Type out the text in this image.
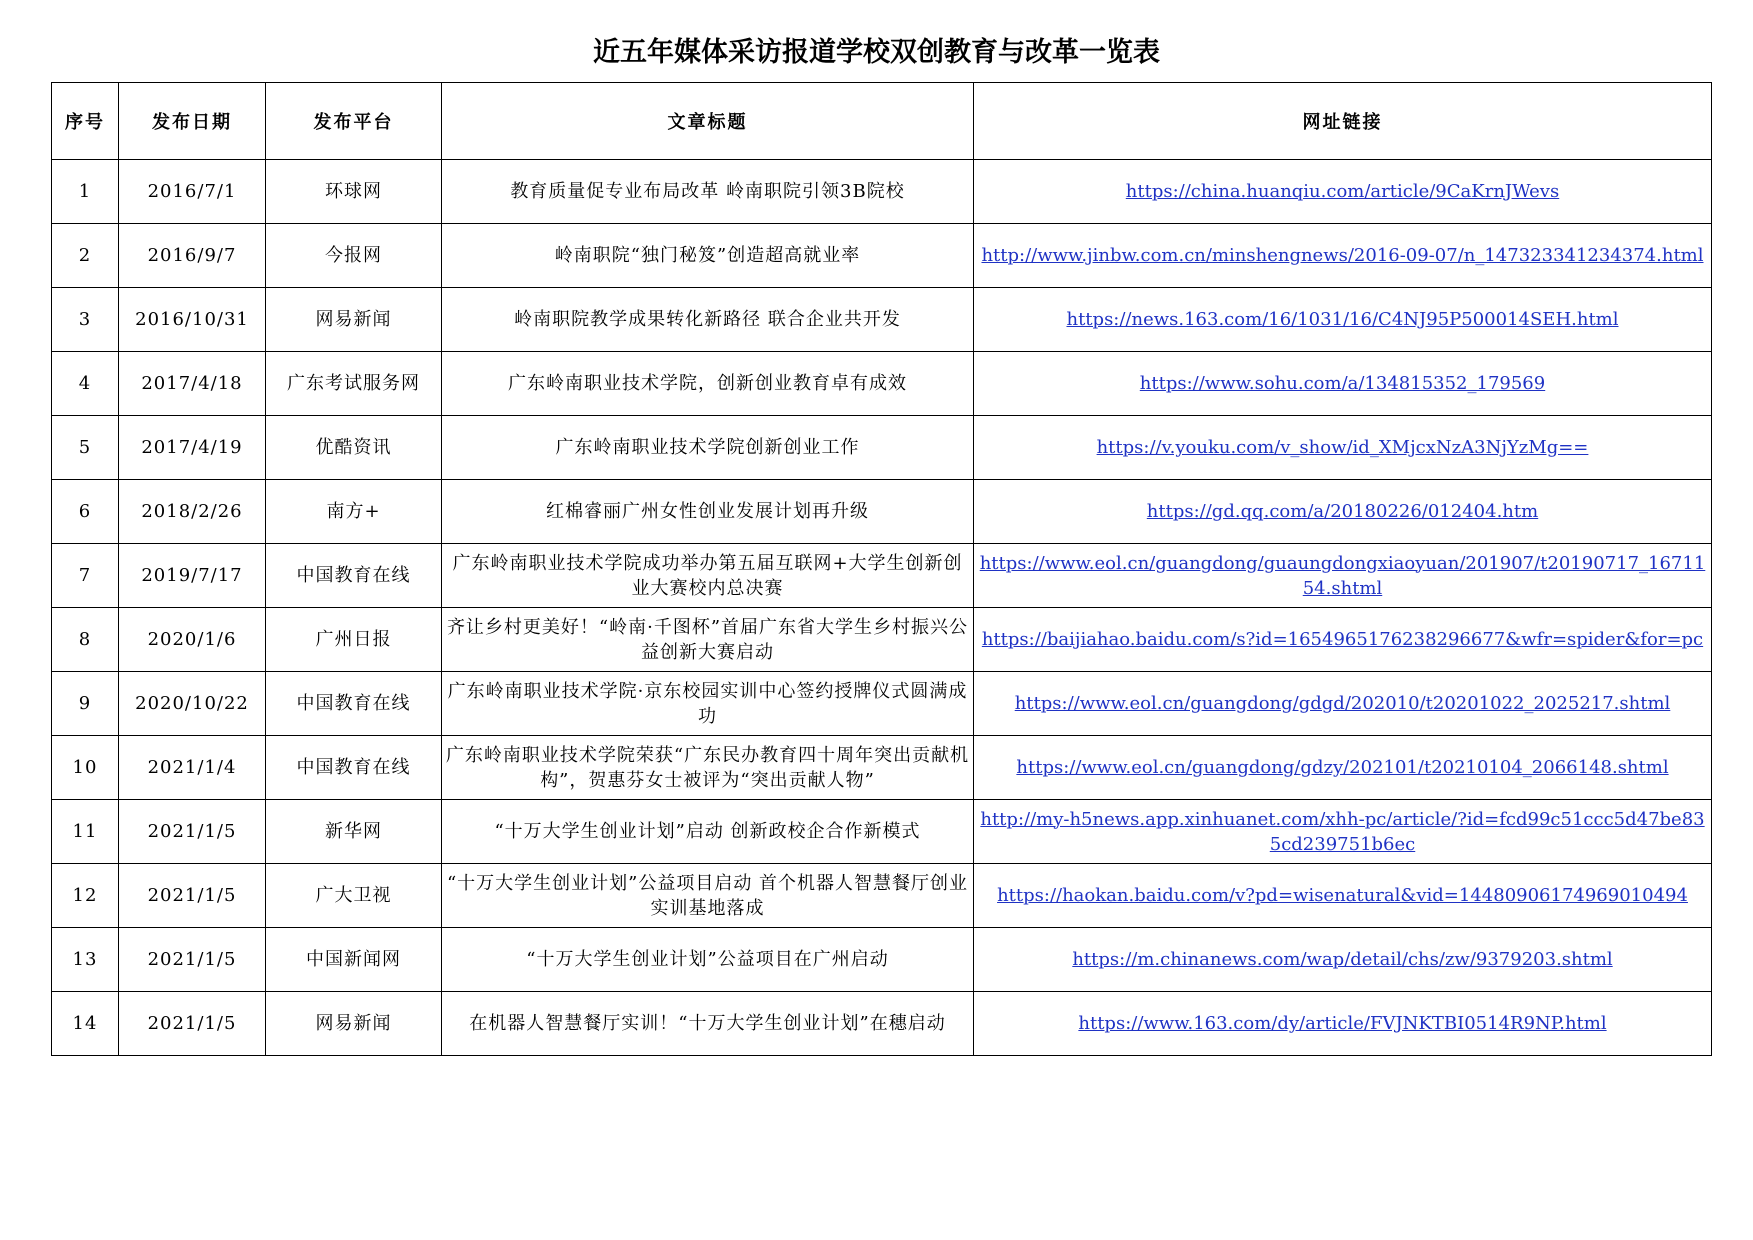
近五年媒体采访报道学校双创教育与改革一览表
序号	发布日期	发布平台	文章标题	网址链接
1	2016/7/1	环球网	教育质量促专业布局改革 岭南职院引领3B院校	https://china.huanqiu.com/article/9CaKrnJWevs
2	2016/9/7	今报网	岭南职院“独门秘笈”创造超高就业率	http://www.jinbw.com.cn/minshengnews/2016-09-07/n_147323341234374.html
3	2016/10/31	网易新闻	岭南职院教学成果转化新路径 联合企业共开发	https://news.163.com/16/1031/16/C4NJ95P500014SEH.html
4	2017/4/18	广东考试服务网	广东岭南职业技术学院，创新创业教育卓有成效	https://www.sohu.com/a/134815352_179569
5	2017/4/19	优酷资讯	广东岭南职业技术学院创新创业工作	https://v.youku.com/v_show/id_XMjcxNzA3NjYzMg==
6	2018/2/26	南方+	红棉睿丽广州女性创业发展计划再升级	https://gd.qq.com/a/20180226/012404.htm
7	2019/7/17	中国教育在线	广东岭南职业技术学院成功举办第五届互联网+大学生创新创业大赛校内总决赛	https://www.eol.cn/guangdong/guaungdongxiaoyuan/201907/t20190717_1671154.shtml
8	2020/1/6	广州日报	齐让乡村更美好！“岭南·千图杯”首届广东省大学生乡村振兴公益创新大赛启动	https://baijiahao.baidu.com/s?id=1654965176238296677&wfr=spider&for=pc
9	2020/10/22	中国教育在线	广东岭南职业技术学院·京东校园实训中心签约授牌仪式圆满成功	https://www.eol.cn/guangdong/gdgd/202010/t20201022_2025217.shtml
10	2021/1/4	中国教育在线	广东岭南职业技术学院荣获“广东民办教育四十周年突出贡献机构”，贺惠芬女士被评为“突出贡献人物”	https://www.eol.cn/guangdong/gdzy/202101/t20210104_2066148.shtml
11	2021/1/5	新华网	“十万大学生创业计划”启动 创新政校企合作新模式	http://my-h5news.app.xinhuanet.com/xhh-pc/article/?id=fcd99c51ccc5d47be835cd239751b6ec
12	2021/1/5	广大卫视	“十万大学生创业计划”公益项目启动 首个机器人智慧餐厅创业实训基地落成	https://haokan.baidu.com/v?pd=wisenatural&vid=14480906174969010494
13	2021/1/5	中国新闻网	“十万大学生创业计划”公益项目在广州启动	https://m.chinanews.com/wap/detail/chs/zw/9379203.shtml
14	2021/1/5	网易新闻	在机器人智慧餐厅实训！“十万大学生创业计划”在穗启动	https://www.163.com/dy/article/FVJNKTBI0514R9NP.html
